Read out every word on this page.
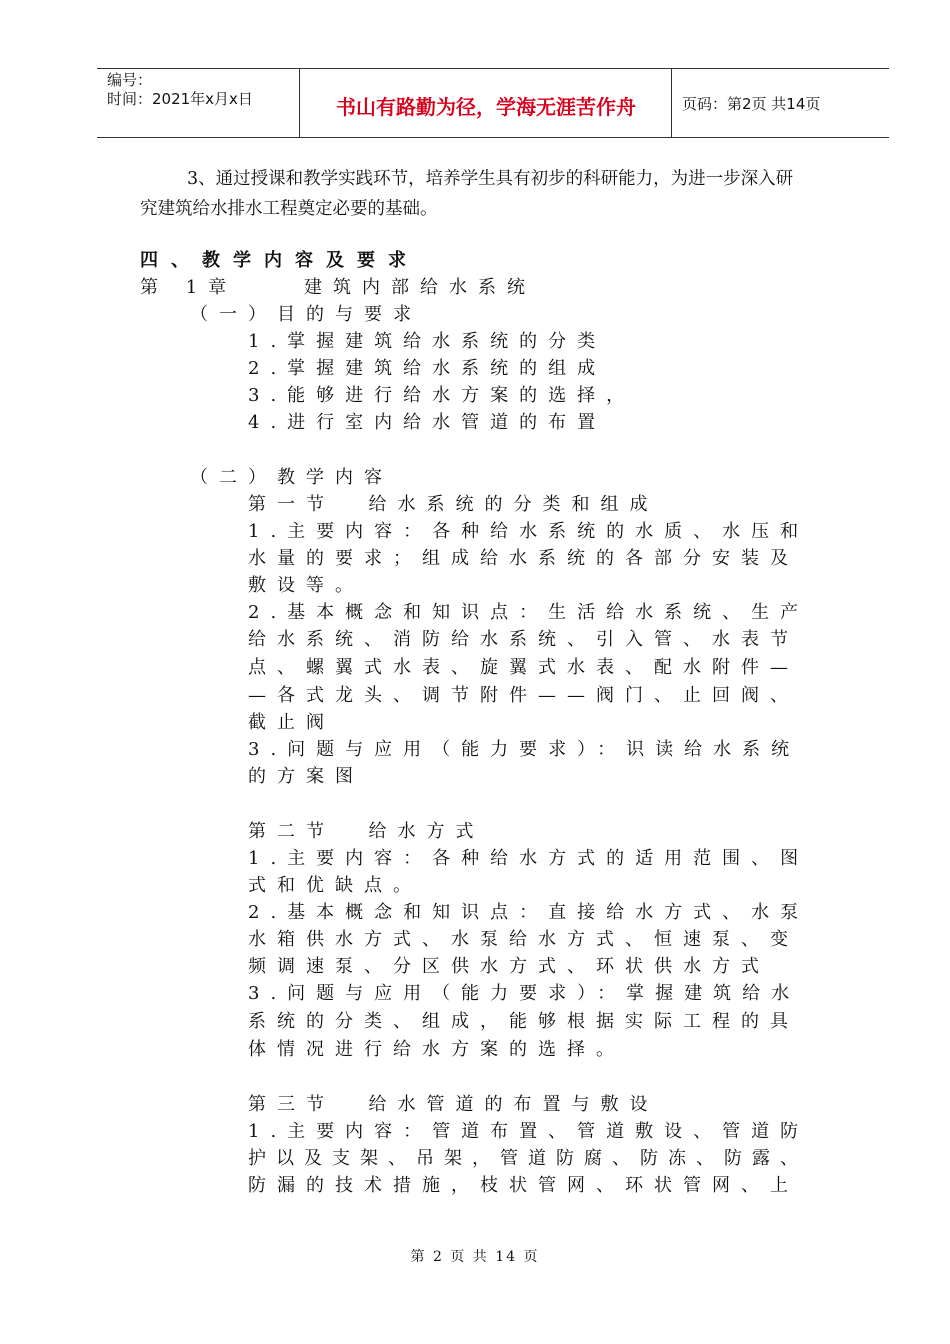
编号：
时间：2021年x月x日	书山有路勤为径，学海无涯苦作舟	页码：第2页 共14页
3、通过授课和教学实践环节，培养学生具有初步的科研能力，为进一步深入研
究建筑给水排水工程奠定必要的基础。
四、教学内容及要求
第 1章    建筑内部给水系统
（一）目的与要求
1.掌握建筑给水系统的分类
2.掌握建筑给水系统的组成
3.能够进行给水方案的选择，
4.进行室内给水管道的布置
（二）教学内容
第一节  给水系统的分类和组成
1.主要内容：各种给水系统的水质、水压和
水量的要求；组成给水系统的各部分安装及
敷设等。
2.基本概念和知识点：生活给水系统、生产
给水系统、消防给水系统、引入管、水表节
点、螺翼式水表、旋翼式水表、配水附件—
—各式龙头、调节附件——阀门、止回阀、
截止阀
3.问题与应用（能力要求）：识读给水系统
的方案图
第二节  给水方式
1.主要内容：各种给水方式的适用范围、图
式和优缺点。
2.基本概念和知识点：直接给水方式、水泵
水箱供水方式、水泵给水方式、恒速泵、变
频调速泵、分区供水方式、环状供水方式
3.问题与应用（能力要求）：掌握建筑给水
系统的分类、组成，能够根据实际工程的具
体情况进行给水方案的选择。
第三节  给水管道的布置与敷设
1.主要内容：管道布置、管道敷设、管道防
护以及支架、吊架，管道防腐、防冻、防露、
防漏的技术措施，枝状管网、环状管网、上
第 2 页 共 14 页
